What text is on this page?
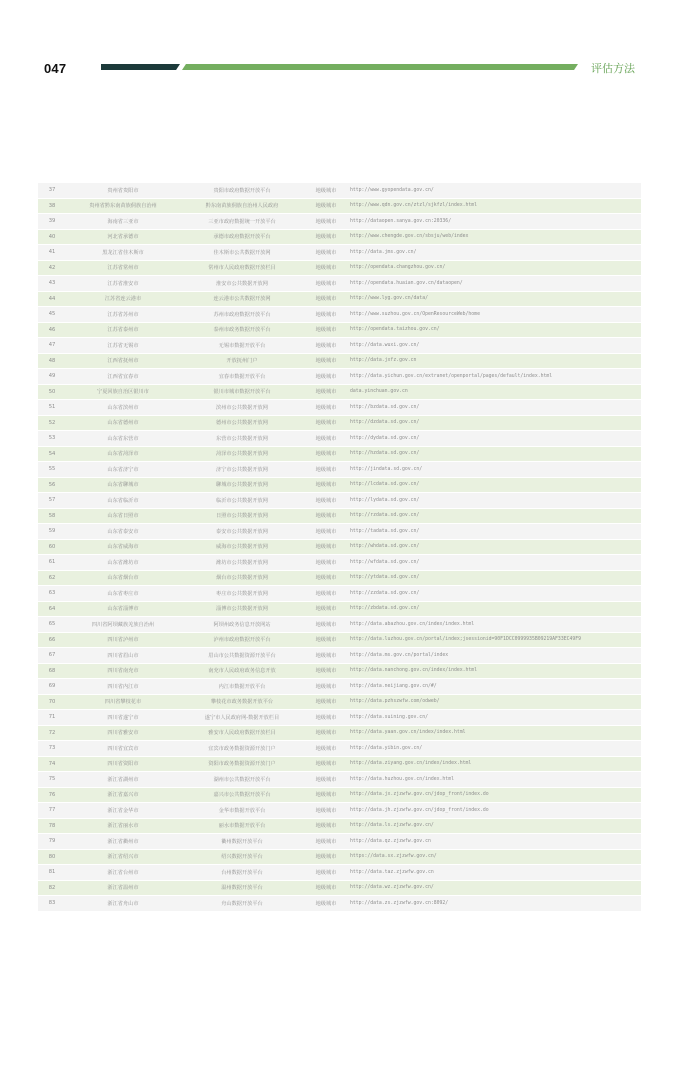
047	评估方法
37	贵州省贵阳市	贵阳市政府数据开放平台	地级城市	http://www.gyopendata.gov.cn/
38	贵州省黔东南苗族侗族自治州	黔东南苗族侗族自治州人民政府	地级城市	http://www.qdn.gov.cn/ztzl/sjkfzl/index.html
39	海南省三亚市	三亚市政府数据统一开放平台	地级城市	http://dataopen.sanya.gov.cn:20336/
40	河北省承德市	承德市政府数据开放平台	地级城市	http://www.chengde.gov.cn/sbsju/web/index
41	黑龙江省佳木斯市	佳木斯市公共数据开放网	地级城市	http://data.jms.gov.cn/
42	江苏省常州市	常州市人民政府数据开放栏目	地级城市	http://opendata.changzhou.gov.cn/
43	江苏省淮安市	淮安市公共数据开放网	地级城市	http://opendata.huaian.gov.cn/dataopen/
44	江苏省连云港市	连云港市公共数据开放网	地级城市	http://www.lyg.gov.cn/data/
45	江苏省苏州市	苏州市政府数据开放平台	地级城市	http://www.suzhou.gov.cn/OpenResourceWeb/home
46	江苏省泰州市	泰州市政务数据开放平台	地级城市	http://opendata.taizhou.gov.cn/
47	江苏省无锡市	无锡市数据开放平台	地级城市	http://data.wuxi.gov.cn/
48	江西省抚州市	开放抚州门户	地级城市	http://data.jxfz.gov.cn
49	江西省宜春市	宜春市数据开放平台	地级城市	http://data.yichun.gov.cn/extranet/openportal/pages/default/index.html
50	宁夏回族自治区银川市	银川市城市数据开放平台	地级城市	data.yinchuan.gov.cn
51	山东省滨州市	滨州市公共数据开放网	地级城市	http://bzdata.sd.gov.cn/
52	山东省德州市	德州市公共数据开放网	地级城市	http://dzdata.sd.gov.cn/
53	山东省东营市	东营市公共数据开放网	地级城市	http://dydata.sd.gov.cn/
54	山东省菏泽市	菏泽市公共数据开放网	地级城市	http://hzdata.sd.gov.cn/
55	山东省济宁市	济宁市公共数据开放网	地级城市	http://jindata.sd.gov.cn/
56	山东省聊城市	聊城市公共数据开放网	地级城市	http://lcdata.sd.gov.cn/
57	山东省临沂市	临沂市公共数据开放网	地级城市	http://lydata.sd.gov.cn/
58	山东省日照市	日照市公共数据开放网	地级城市	http://rzdata.sd.gov.cn/
59	山东省泰安市	泰安市公共数据开放网	地级城市	http://tadata.sd.gov.cn/
60	山东省威海市	威海市公共数据开放网	地级城市	http://whdata.sd.gov.cn/
61	山东省潍坊市	潍坊市公共数据开放网	地级城市	http://wfdata.sd.gov.cn/
62	山东省烟台市	烟台市公共数据开放网	地级城市	http://ytdata.sd.gov.cn/
63	山东省枣庄市	枣庄市公共数据开放网	地级城市	http://zzdata.sd.gov.cn/
64	山东省淄博市	淄博市公共数据开放网	地级城市	http://zbdata.sd.gov.cn/
65	四川省阿坝藏族羌族自治州	阿坝州政务信息开放网站	地级城市	http://data.abazhou.gov.cn/index/index.html
66	四川省泸州市	泸州市政府数据开放平台	地级城市	http://data.luzhou.gov.cn/portal/index;jsessionid=90F1DCC0999935B09219AF33EC49F9
67	四川省眉山市	眉山市公共数据资源开放平台	地级城市	http://data.ms.gov.cn/portal/index
68	四川省南充市	南充市人民政府政务信息开放	地级城市	http://data.nanchong.gov.cn/index/index.html
69	四川省内江市	内江市数据开放平台	地级城市	http://data.neijiang.gov.cn/#/
70	四川省攀枝花市	攀枝花市政务数据开放平台	地级城市	http://data.pzhszwfw.com/odweb/
71	四川省遂宁市	遂宁市人民政府网-数据开放栏目	地级城市	http://data.suining.gov.cn/
72	四川省雅安市	雅安市人民政府数据开放栏目	地级城市	http://data.yaan.gov.cn/index/index.html
73	四川省宜宾市	宜宾市政务数据资源开放门户	地级城市	http://data.yibin.gov.cn/
74	四川省资阳市	资阳市政务数据资源开放门户	地级城市	http://data.ziyang.gov.cn/index/index.html
75	浙江省湖州市	湖州市公共数据开放平台	地级城市	http://data.huzhou.gov.cn/index.html
76	浙江省嘉兴市	嘉兴市公共数据开放平台	地级城市	http://data.jx.zjzwfw.gov.cn/jdop_front/index.do
77	浙江省金华市	金华市数据开放平台	地级城市	http://data.jh.zjzwfw.gov.cn/jdop_front/index.do
78	浙江省丽水市	丽水市数据开放平台	地级城市	http://data.ls.zjzwfw.gov.cn/
79	浙江省衢州市	衢州数据开放平台	地级城市	http://data.qz.zjzwfw.gov.cn
80	浙江省绍兴市	绍兴数据开放平台	地级城市	https://data.sx.zjzwfw.gov.cn/
81	浙江省台州市	台州数据开放平台	地级城市	http://data.taz.zjzwfw.gov.cn
82	浙江省温州市	温州数据开放平台	地级城市	http://data.wz.zjzwfw.gov.cn/
83	浙江省舟山市	舟山数据开放平台	地级城市	http://data.zs.zjzwfw.gov.cn:8092/
